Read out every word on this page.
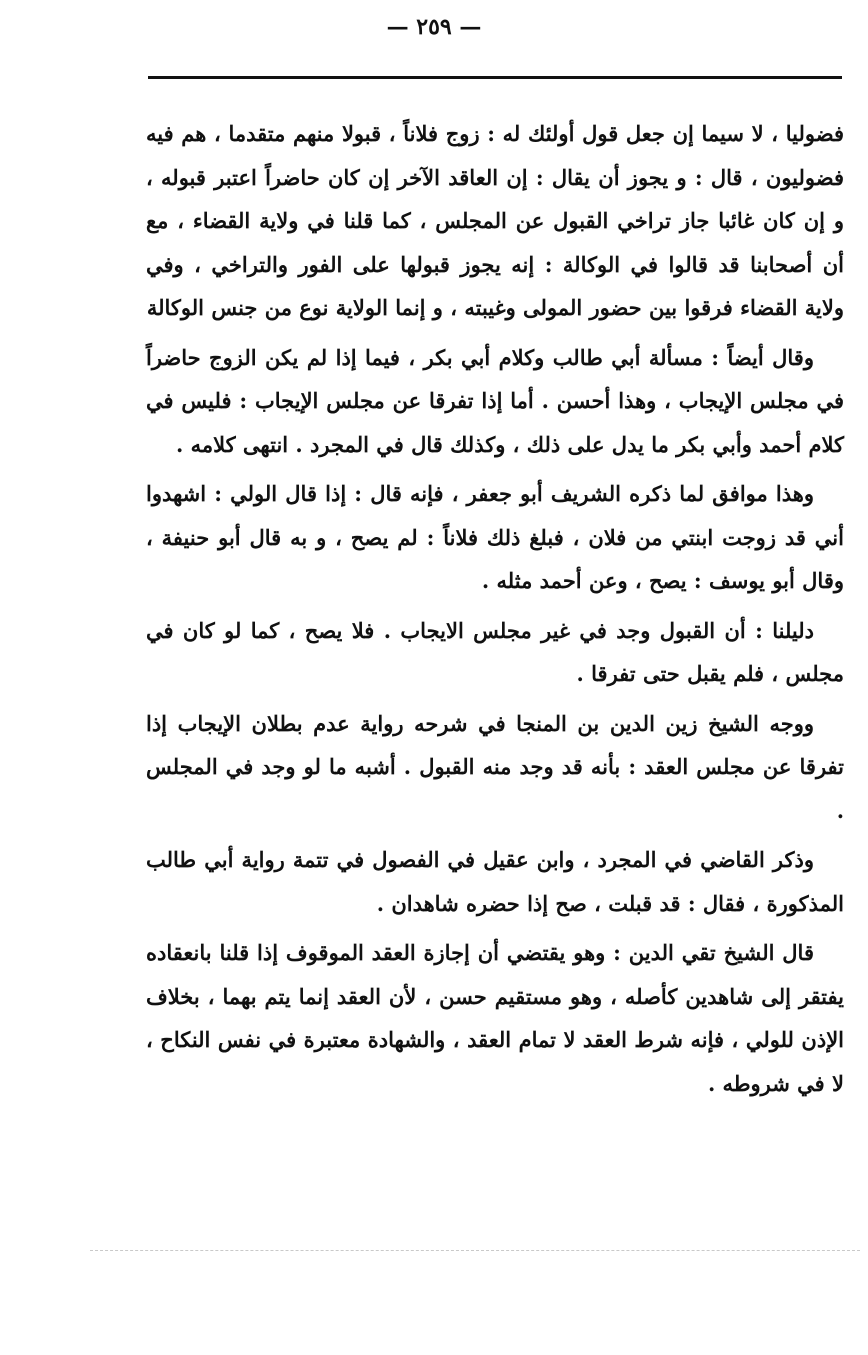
— ٢٥٩ —

فضوليا ، لا سيما إن جعل قول أولئك له : زوج فلاناً ، قبولا منهم متقدما ، هم فيه فضوليون ، قال : و يجوز أن يقال : إن العاقد الآخر إن كان حاضراً اعتبر قبوله ، و إن كان غائبا جاز تراخي القبول عن المجلس ، كما قلنا في ولاية القضاء ، مع أن أصحابنا قد قالوا في الوكالة : إنه يجوز قبولها على الفور والتراخي ، وفي ولاية القضاء فرقوا بين حضور المولى وغيبته ، و إنما الولاية نوع من جنس الوكالة

وقال أيضاً : مسألة أبي طالب وكلام أبي بكر ، فيما إذا لم يكن الزوج حاضراً في مجلس الإيجاب ، وهذا أحسن . أما إذا تفرقا عن مجلس الإيجاب : فليس في كلام أحمد وأبي بكر ما يدل على ذلك ، وكذلك قال في المجرد . انتهى كلامه .

وهذا موافق لما ذكره الشريف أبو جعفر ، فإنه قال : إذا قال الولي : اشهدوا أني قد زوجت ابنتي من فلان ، فبلغ ذلك فلاناً : لم يصح ، و به قال أبو حنيفة ، وقال أبو يوسف : يصح ، وعن أحمد مثله .

دليلنا : أن القبول وجد في غير مجلس الايجاب . فلا يصح ، كما لو كان في مجلس ، فلم يقبل حتى تفرقا .

ووجه الشيخ زين الدين بن المنجا في شرحه رواية عدم بطلان الإيجاب إذا تفرقا عن مجلس العقد : بأنه قد وجد منه القبول . أشبه ما لو وجد في المجلس .

وذكر القاضي في المجرد ، وابن عقيل في الفصول في تتمة رواية أبي طالب المذكورة ، فقال : قد قبلت ، صح إذا حضره شاهدان .

قال الشيخ تقي الدين : وهو يقتضي أن إجازة العقد الموقوف إذا قلنا بانعقاده يفتقر إلى شاهدين كأصله ، وهو مستقيم حسن ، لأن العقد إنما يتم بهما ، بخلاف الإذن للولي ، فإنه شرط العقد لا تمام العقد ، والشهادة معتبرة في نفس النكاح ، لا في شروطه .
